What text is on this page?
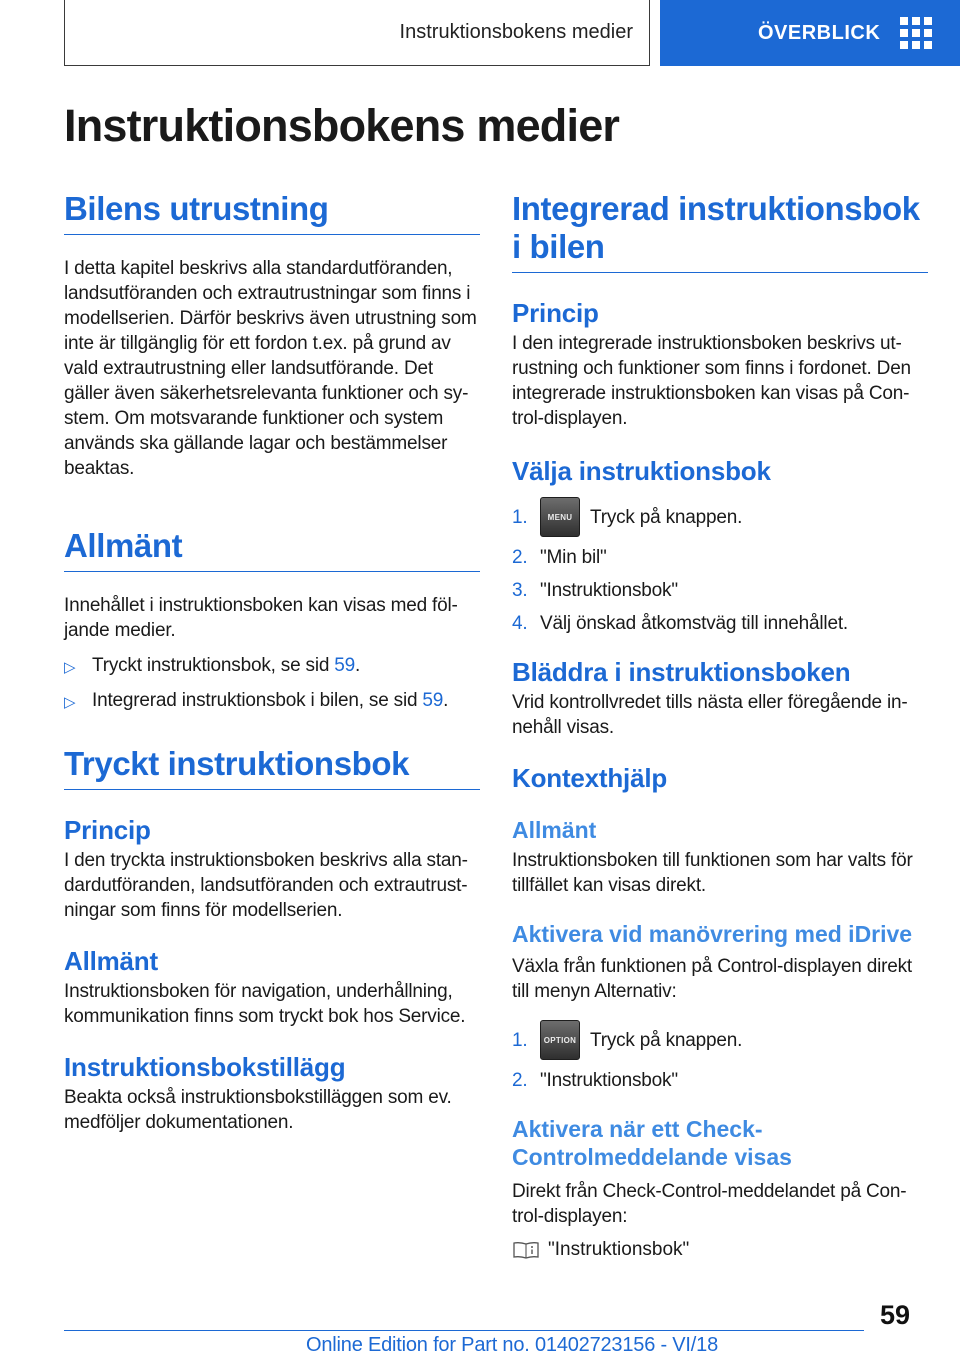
Instruktionsbokens medier	ÖVERBLICK
Instruktionsbokens medier
Bilens utrustning

I detta kapitel beskrivs alla standardutföranden, landsutföranden och extrautrustningar som finns i modellserien. Därför beskrivs även utrustning som inte är tillgänglig för ett fordon t.ex. på grund av vald extrautrustning eller landsutförande. Det gäller även säkerhetsrelevanta funktioner och system. Om motsvarande funktioner och system används ska gällande lagar och bestämmelser beaktas.

Allmänt

Innehållet i instruktionsboken kan visas med följande medier.

▷ Tryckt instruktionsbok, se sid 59.
▷ Integrerad instruktionsbok i bilen, se sid 59.
Tryckt instruktionsbok
Princip

I den tryckta instruktionsboken beskrivs alla standardutföranden, landsutföranden och extrautrustningar som finns för modellserien.

Allmänt

Instruktionsboken för navigation, underhållning, kommunikation finns som tryckt bok hos Service.

Instruktionsbokstillägg

Beakta också instruktionsbokstilläggen som ev. medföljer dokumentationen.

Integrerad instruktionsbok i bilen
Princip

I den integrerade instruktionsboken beskrivs utrustning och funktioner som finns i fordonet. Den integrerade instruktionsboken kan visas på Control-displayen.

Välja instruktionsbok
1.	MENU Tryck på knappen.
2. "Min bil"
3. "Instruktionsbok"
4. Välj önskad åtkomstväg till innehållet.
Bläddra i instruktionsboken

Vrid kontrollvredet tills nästa eller föregående innehåll visas.

Kontexthjälp
Allmänt

Instruktionsboken till funktionen som har valts för tillfället kan visas direkt.

Aktivera vid manövrering med iDrive

Växla från funktionen på Control-displayen direkt till menyn Alternativ:

1.	OPTION Tryck på knappen.
2. "Instruktionsbok"
Aktivera när ett Check-Controlmeddelande visas

Direkt från Check-Control-meddelandet på Control-displayen:

"Instruktionsbok"
59
Online Edition for Part no. 01402723156 - VI/18
